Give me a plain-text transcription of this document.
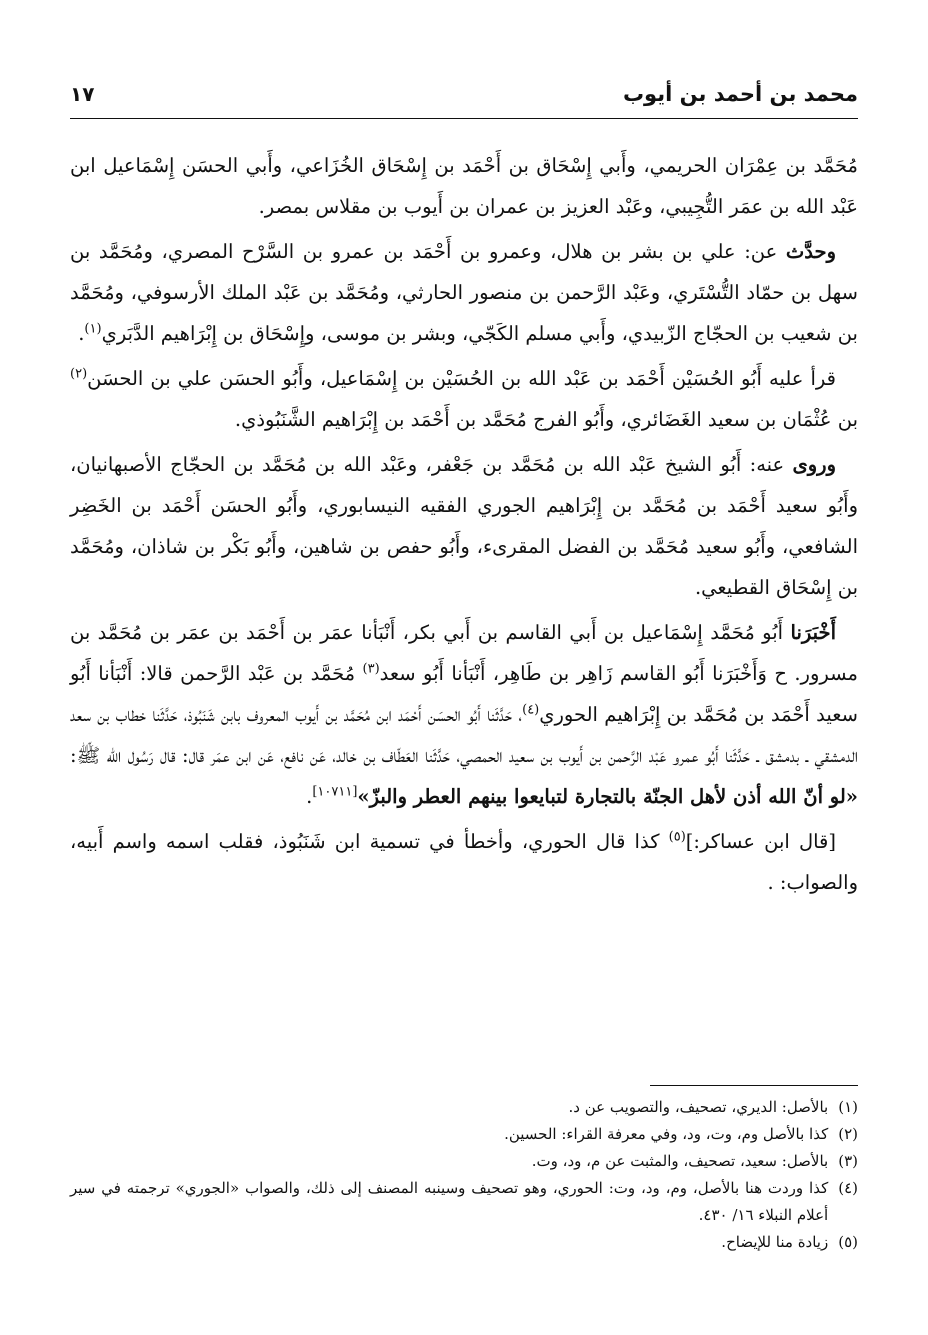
محمد بن أحمد بن أيوب
١٧

مُحَمَّد بن عِمْرَان الحريمي، وأَبي إِسْحَاق بن أَحْمَد بن إِسْحَاق الخُزَاعي، وأَبي الحسَن إِسْمَاعيل ابن عَبْد الله بن عمَر التُّجِيبي، وعَبْد العزيز بن عمران بن أَيوب بن مقلاس بمصر.

وحدَّث عن: علي بن بشر بن هلال، وعمرو بن أَحْمَد بن عمرو بن السَّرْح المصري، ومُحَمَّد بن سهل بن حمّاد التُّسْتَري، وعَبْد الرَّحمن بن منصور الحارثي، ومُحَمَّد بن عَبْد الملك الأرسوفي، ومُحَمَّد بن شعيب بن الحجّاج الزّبيدي، وأَبي مسلم الكَجّي، وبشر بن موسى، وإِسْحَاق بن إِبْرَاهيم الدَّبَري$^{(١)}$.

قرأ عليه أَبُو الحُسَيْن أَحْمَد بن عَبْد الله بن الحُسَيْن بن إِسْمَاعيل، وأَبُو الحسَن علي بن الحسَن$^{(٢)}$ بن عُثْمَان بن سعيد الغَضَائري، وأَبُو الفرج مُحَمَّد بن أَحْمَد بن إِبْرَاهيم الشَّنَبُوذي.

وروى عنه: أَبُو الشيخ عَبْد الله بن مُحَمَّد بن جَعْفر، وعَبْد الله بن مُحَمَّد بن الحجّاج الأصبهانيان، وأَبُو سعيد أَحْمَد بن مُحَمَّد بن إِبْرَاهيم الجوري الفقيه النيسابوري، وأَبُو الحسَن أَحْمَد بن الخَضِر الشافعي، وأَبُو سعيد مُحَمَّد بن الفضل المقرىء، وأَبُو حفص بن شاهين، وأَبُو بَكْر بن شاذان، ومُحَمَّد بن إِسْحَاق القطيعي.

أَخْبَرَنا أَبُو مُحَمَّد إِسْمَاعيل بن أَبي القاسم بن أَبي بكر، أَنْبَأنا عمَر بن أَحْمَد بن عمَر بن مُحَمَّد بن مسرور. ح وَأَخْبَرَنا أَبُو القاسم زَاهِر بن طَاهِر، أَنْبَأنا أَبُو سعد$^{(٣)}$ مُحَمَّد بن عَبْد الرَّحمن قالا: أَنْبَأنا أَبُو سعيد أَحْمَد بن مُحَمَّد بن إِبْرَاهيم الحوري$^{(٤)}$، حَدَّثَنا أَبُو الحسَن أَحْمَد ابن مُحَمَّد بن أَيوب المعروف بابن شَنَبُوذ، حَدَّثَنا خطاب بن سعد الدمشقي ـ بدمشق ـ حَدَّثَنا أَبُو عمرو عَبْد الرَّحمن بن أَيوب بن سعيد الحمصي، حَدَّثَنا العَطّاف بن خالد، عَن نافع، عَن ابن عمَر قال: قال رَسُول الله ﷺ: «لو أنّ الله أذن لأهل الجنّة بالتجارة لتبايعوا بينهم العطر والبزّ»[١٠٧١١].

[قال ابن عساكر:]$^{(٥)}$ كذا قال الحوري، وأخطأ في تسمية ابن شَنَبُوذ، فقلب اسمه واسم أَبيه، والصواب: .

(١)
بالأصل: الديري، تصحيف، والتصويب عن د.
(٢)
كذا بالأصل وم، وت، ود، وفي معرفة القراء: الحسين.
(٣)
بالأصل: سعيد، تصحيف، والمثبت عن م، ود، وت.
(٤)
كذا وردت هنا بالأصل، وم، ود، وت: الحوري، وهو تصحيف وسينبه المصنف إلى ذلك، والصواب «الجوري» ترجمته في سير أعلام النبلاء ١٦/ ٤٣٠.
(٥)
زيادة منا للإيضاح.
